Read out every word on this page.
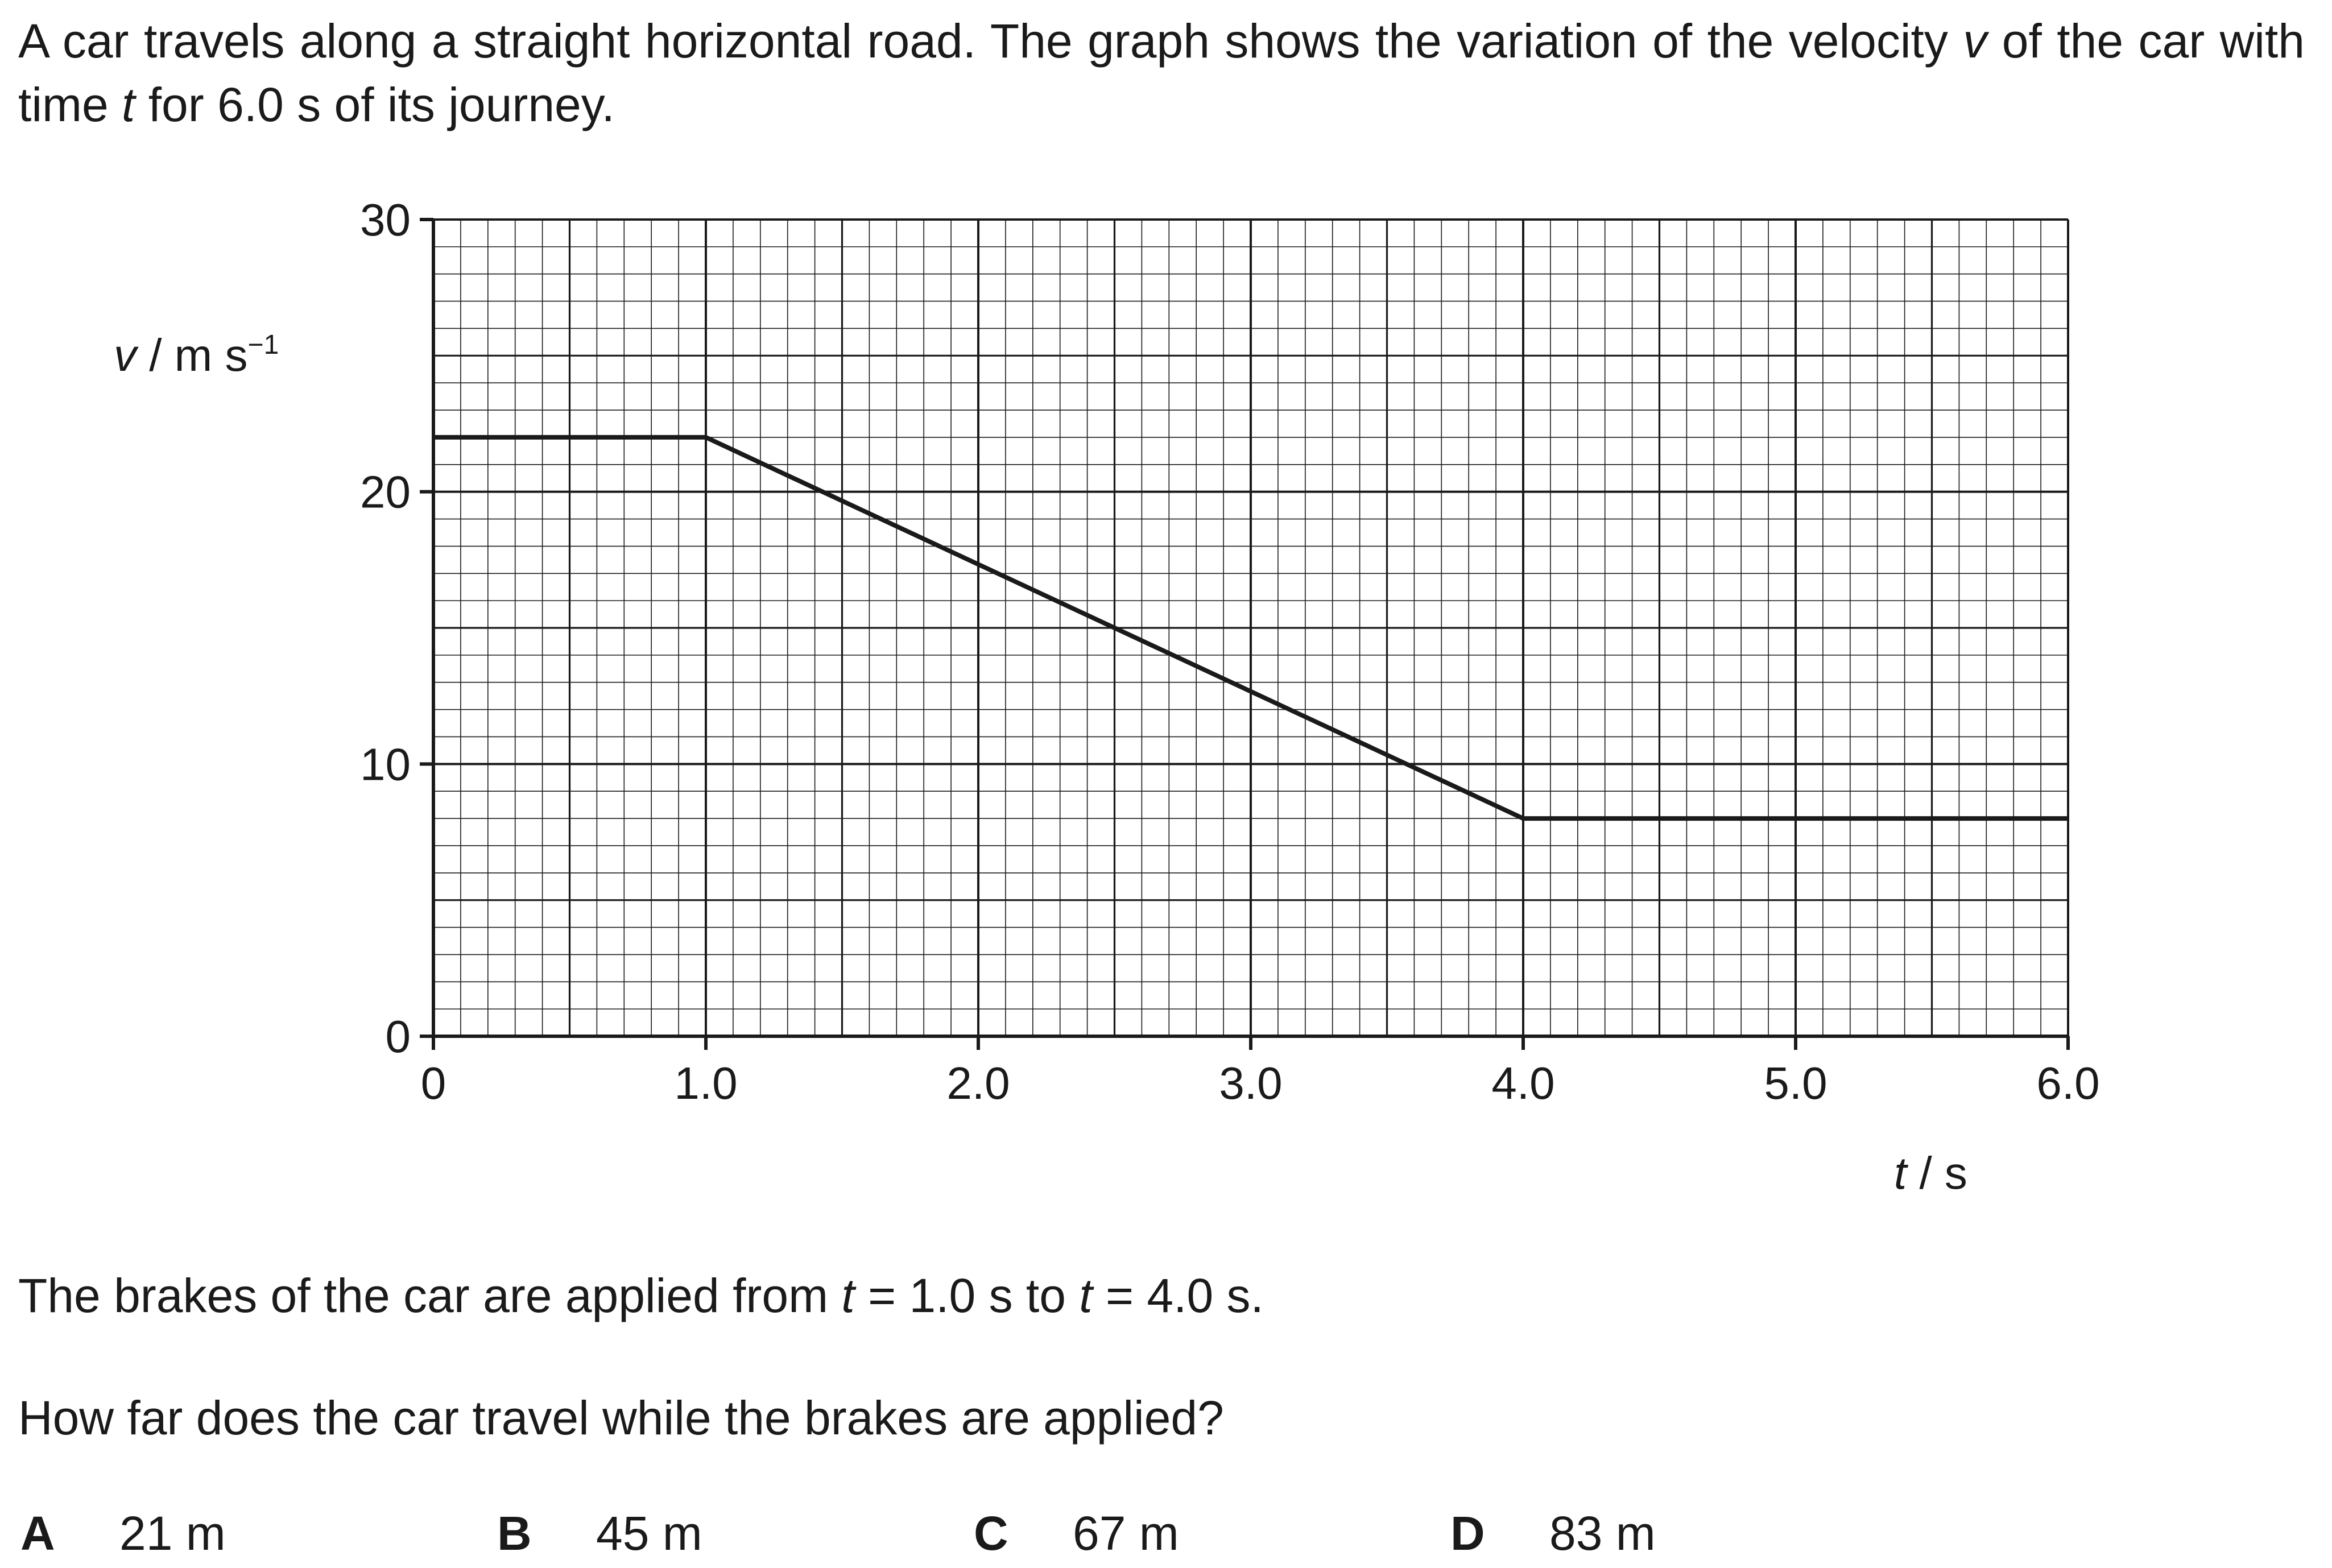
A car travels along a straight horizontal road. The graph shows the variation of the velocity v of the car with time t for 6.0 s of its journey.

0	1.0	2.0	3.0	4.0	5.0	6.0
0
10
20
30
v / m $s^{-1}$
t / s

The brakes of the car are applied from t = 1.0 s to t = 4.0 s.

How far does the car travel while the brakes are applied?

A 21 m	B 45 m	C 67 m	D 83 m
